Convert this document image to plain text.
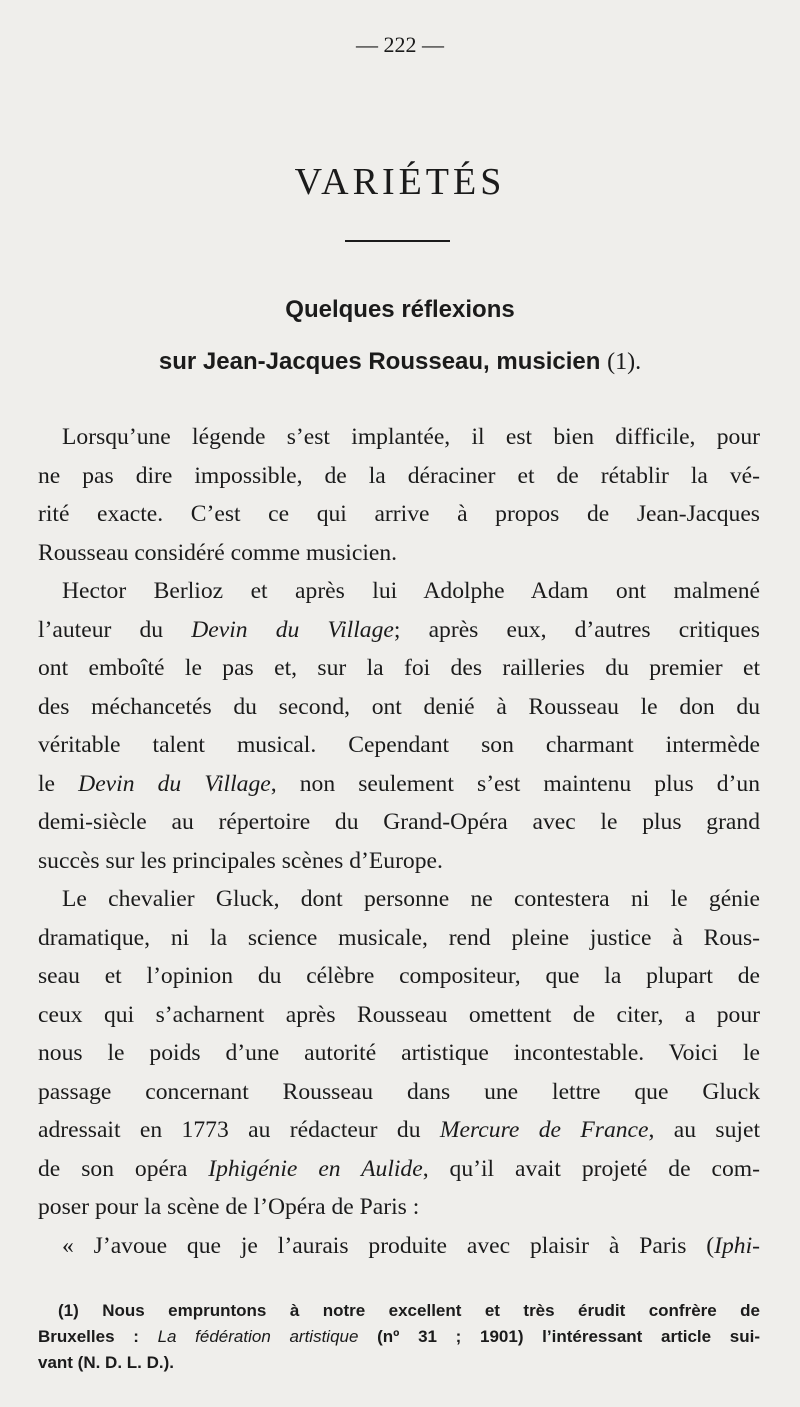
— 222 —
VARIÉTÉS
Quelques réflexions
sur Jean-Jacques Rousseau, musicien (1).
Lorsqu’une légende s’est implantée, il est bien difficile, pour
ne pas dire impossible, de la déraciner et de rétablir la vé-
rité exacte. C’est ce qui arrive à propos de Jean-Jacques
Rousseau considéré comme musicien.
Hector Berlioz et après lui Adolphe Adam ont malmené
l’auteur du Devin du Village; après eux, d’autres critiques
ont emboîté le pas et, sur la foi des railleries du premier et
des méchancetés du second, ont denié à Rousseau le don du
véritable talent musical. Cependant son charmant intermède
le Devin du Village, non seulement s’est maintenu plus d’un
demi-siècle au répertoire du Grand-Opéra avec le plus grand
succès sur les principales scènes d’Europe.
Le chevalier Gluck, dont personne ne contestera ni le génie
dramatique, ni la science musicale, rend pleine justice à Rous-
seau et l’opinion du célèbre compositeur, que la plupart de
ceux qui s’acharnent après Rousseau omettent de citer, a pour
nous le poids d’une autorité artistique incontestable. Voici le
passage concernant Rousseau dans une lettre que Gluck
adressait en 1773 au rédacteur du Mercure de France, au sujet
de son opéra Iphigénie en Aulide, qu’il avait projeté de com-
poser pour la scène de l’Opéra de Paris :
« J’avoue que je l’aurais produite avec plaisir à Paris (Iphi-
(1) Nous empruntons à notre excellent et très érudit confrère de
Bruxelles : La fédération artistique (nº 31 ; 1901) l’intéressant article sui-
vant (N. D. L. D.).
